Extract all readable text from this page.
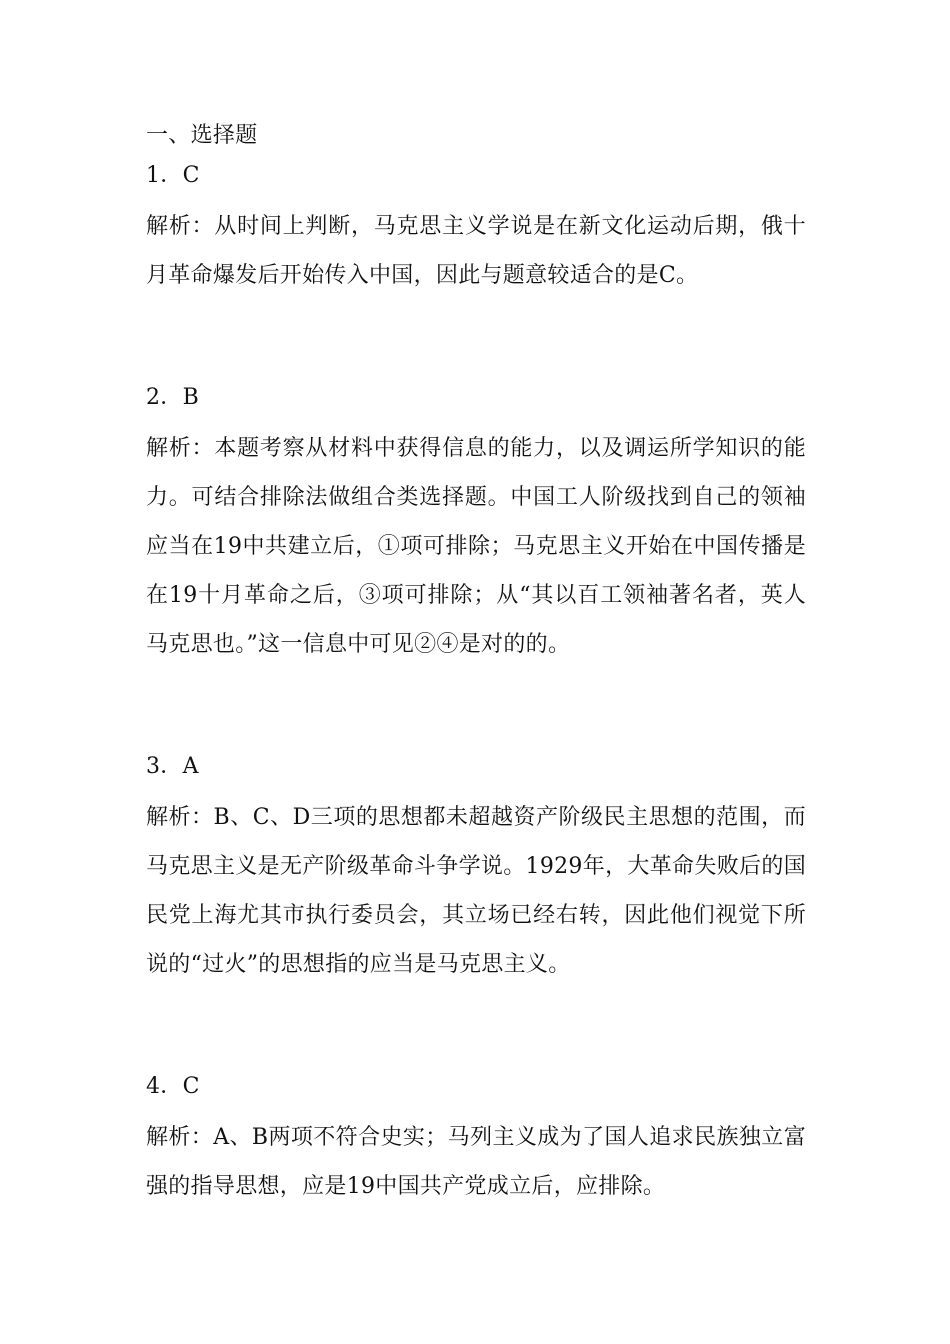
一、选择题
1．C
解析：从时间上判断，马克思主义学说是在新文化运动后期，俄十月革命爆发后开始传入中国，因此与题意较适合的是C。
2．B
解析：本题考察从材料中获得信息的能力，以及调运所学知识的能力。可结合排除法做组合类选择题。中国工人阶级找到自己的领袖应当在19中共建立后，①项可排除；马克思主义开始在中国传播是在19十月革命之后，③项可排除；从“其以百工领袖著名者，英人马克思也。”这一信息中可见②④是对的的。
3．A
解析：B、C、D三项的思想都未超越资产阶级民主思想的范围，而马克思主义是无产阶级革命斗争学说。1929年，大革命失败后的国民党上海尤其市执行委员会，其立场已经右转，因此他们视觉下所说的“过火”的思想指的应当是马克思主义。
4．C
解析：A、B两项不符合史实；马列主义成为了国人追求民族独立富强的指导思想，应是19中国共产党成立后，应排除。
